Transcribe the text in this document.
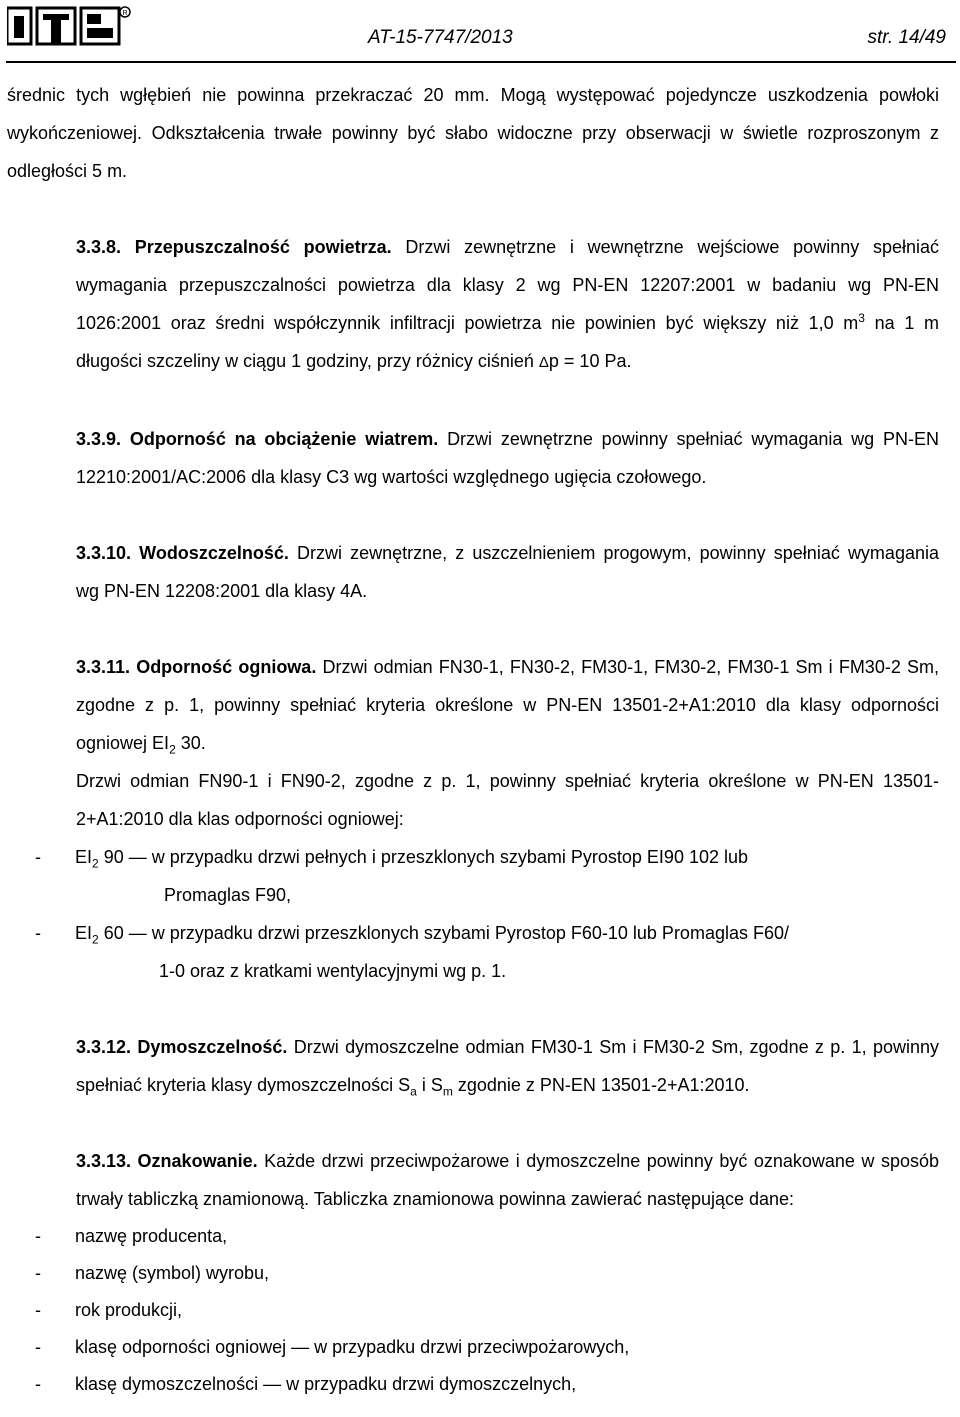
R
AT-15-7747/2013	str. 14/49

średnic tych wgłębień nie powinna przekraczać 20 mm. Mogą występować pojedyncze uszkodzenia powłoki wykończeniowej. Odkształcenia trwałe powinny być słabo widoczne przy obserwacji w świetle rozproszonym z odległości 5 m.

3.3.8. Przepuszczalność powietrza. Drzwi zewnętrzne i wewnętrzne wejściowe powinny spełniać wymagania przepuszczalności powietrza dla klasy 2 wg PN-EN 12207:2001 w badaniu wg PN-EN 1026:2001 oraz średni współczynnik infiltracji powietrza nie powinien być większy niż 1,0 $m^3$ na 1 m długości szczeliny w ciągu 1 godziny, przy różnicy ciśnień Δp = 10 Pa.

3.3.9. Odporność na obciążenie wiatrem. Drzwi zewnętrzne powinny spełniać wymagania wg PN-EN 12210:2001/AC:2006 dla klasy C3 wg wartości względnego ugięcia czołowego.

3.3.10. Wodoszczelność. Drzwi zewnętrzne, z uszczelnieniem progowym, powinny spełniać wymagania wg PN-EN 12208:2001 dla klasy 4A.

3.3.11. Odporność ogniowa. Drzwi odmian FN30-1, FN30-2, FM30-1, FM30-2, FM30-1 Sm i FM30-2 Sm, zgodne z p. 1, powinny spełniać kryteria określone w PN-EN 13501-2+A1:2010 dla klasy odporności ogniowej $EI_2$ 30.

Drzwi odmian FN90-1 i FN90-2, zgodne z p. 1, powinny spełniać kryteria określone w PN-EN 13501-2+A1:2010 dla klas odporności ogniowej:

- $EI_2$ 90 — w przypadku drzwi pełnych i przeszklonych szybami Pyrostop EI90 102 lub

Promaglas F90,

- $EI_2$ 60 — w przypadku drzwi przeszklonych szybami Pyrostop F60-10 lub Promaglas F60/

1-0 oraz z kratkami wentylacyjnymi wg p. 1.

3.3.12. Dymoszczelność. Drzwi dymoszczelne odmian FM30-1 Sm i FM30-2 Sm, zgodne z p. 1, powinny spełniać kryteria klasy dymoszczelności $S_a$ i $S_m$ zgodnie z PN-EN 13501-2+A1:2010.

3.3.13. Oznakowanie. Każde drzwi przeciwpożarowe i dymoszczelne powinny być oznakowane w sposób trwały tabliczką znamionową. Tabliczka znamionowa powinna zawierać następujące dane:

- nazwę producenta,

- nazwę (symbol) wyrobu,

- rok produkcji,

- klasę odporności ogniowej — w przypadku drzwi przeciwpożarowych,

- klasę dymoszczelności — w przypadku drzwi dymoszczelnych,
